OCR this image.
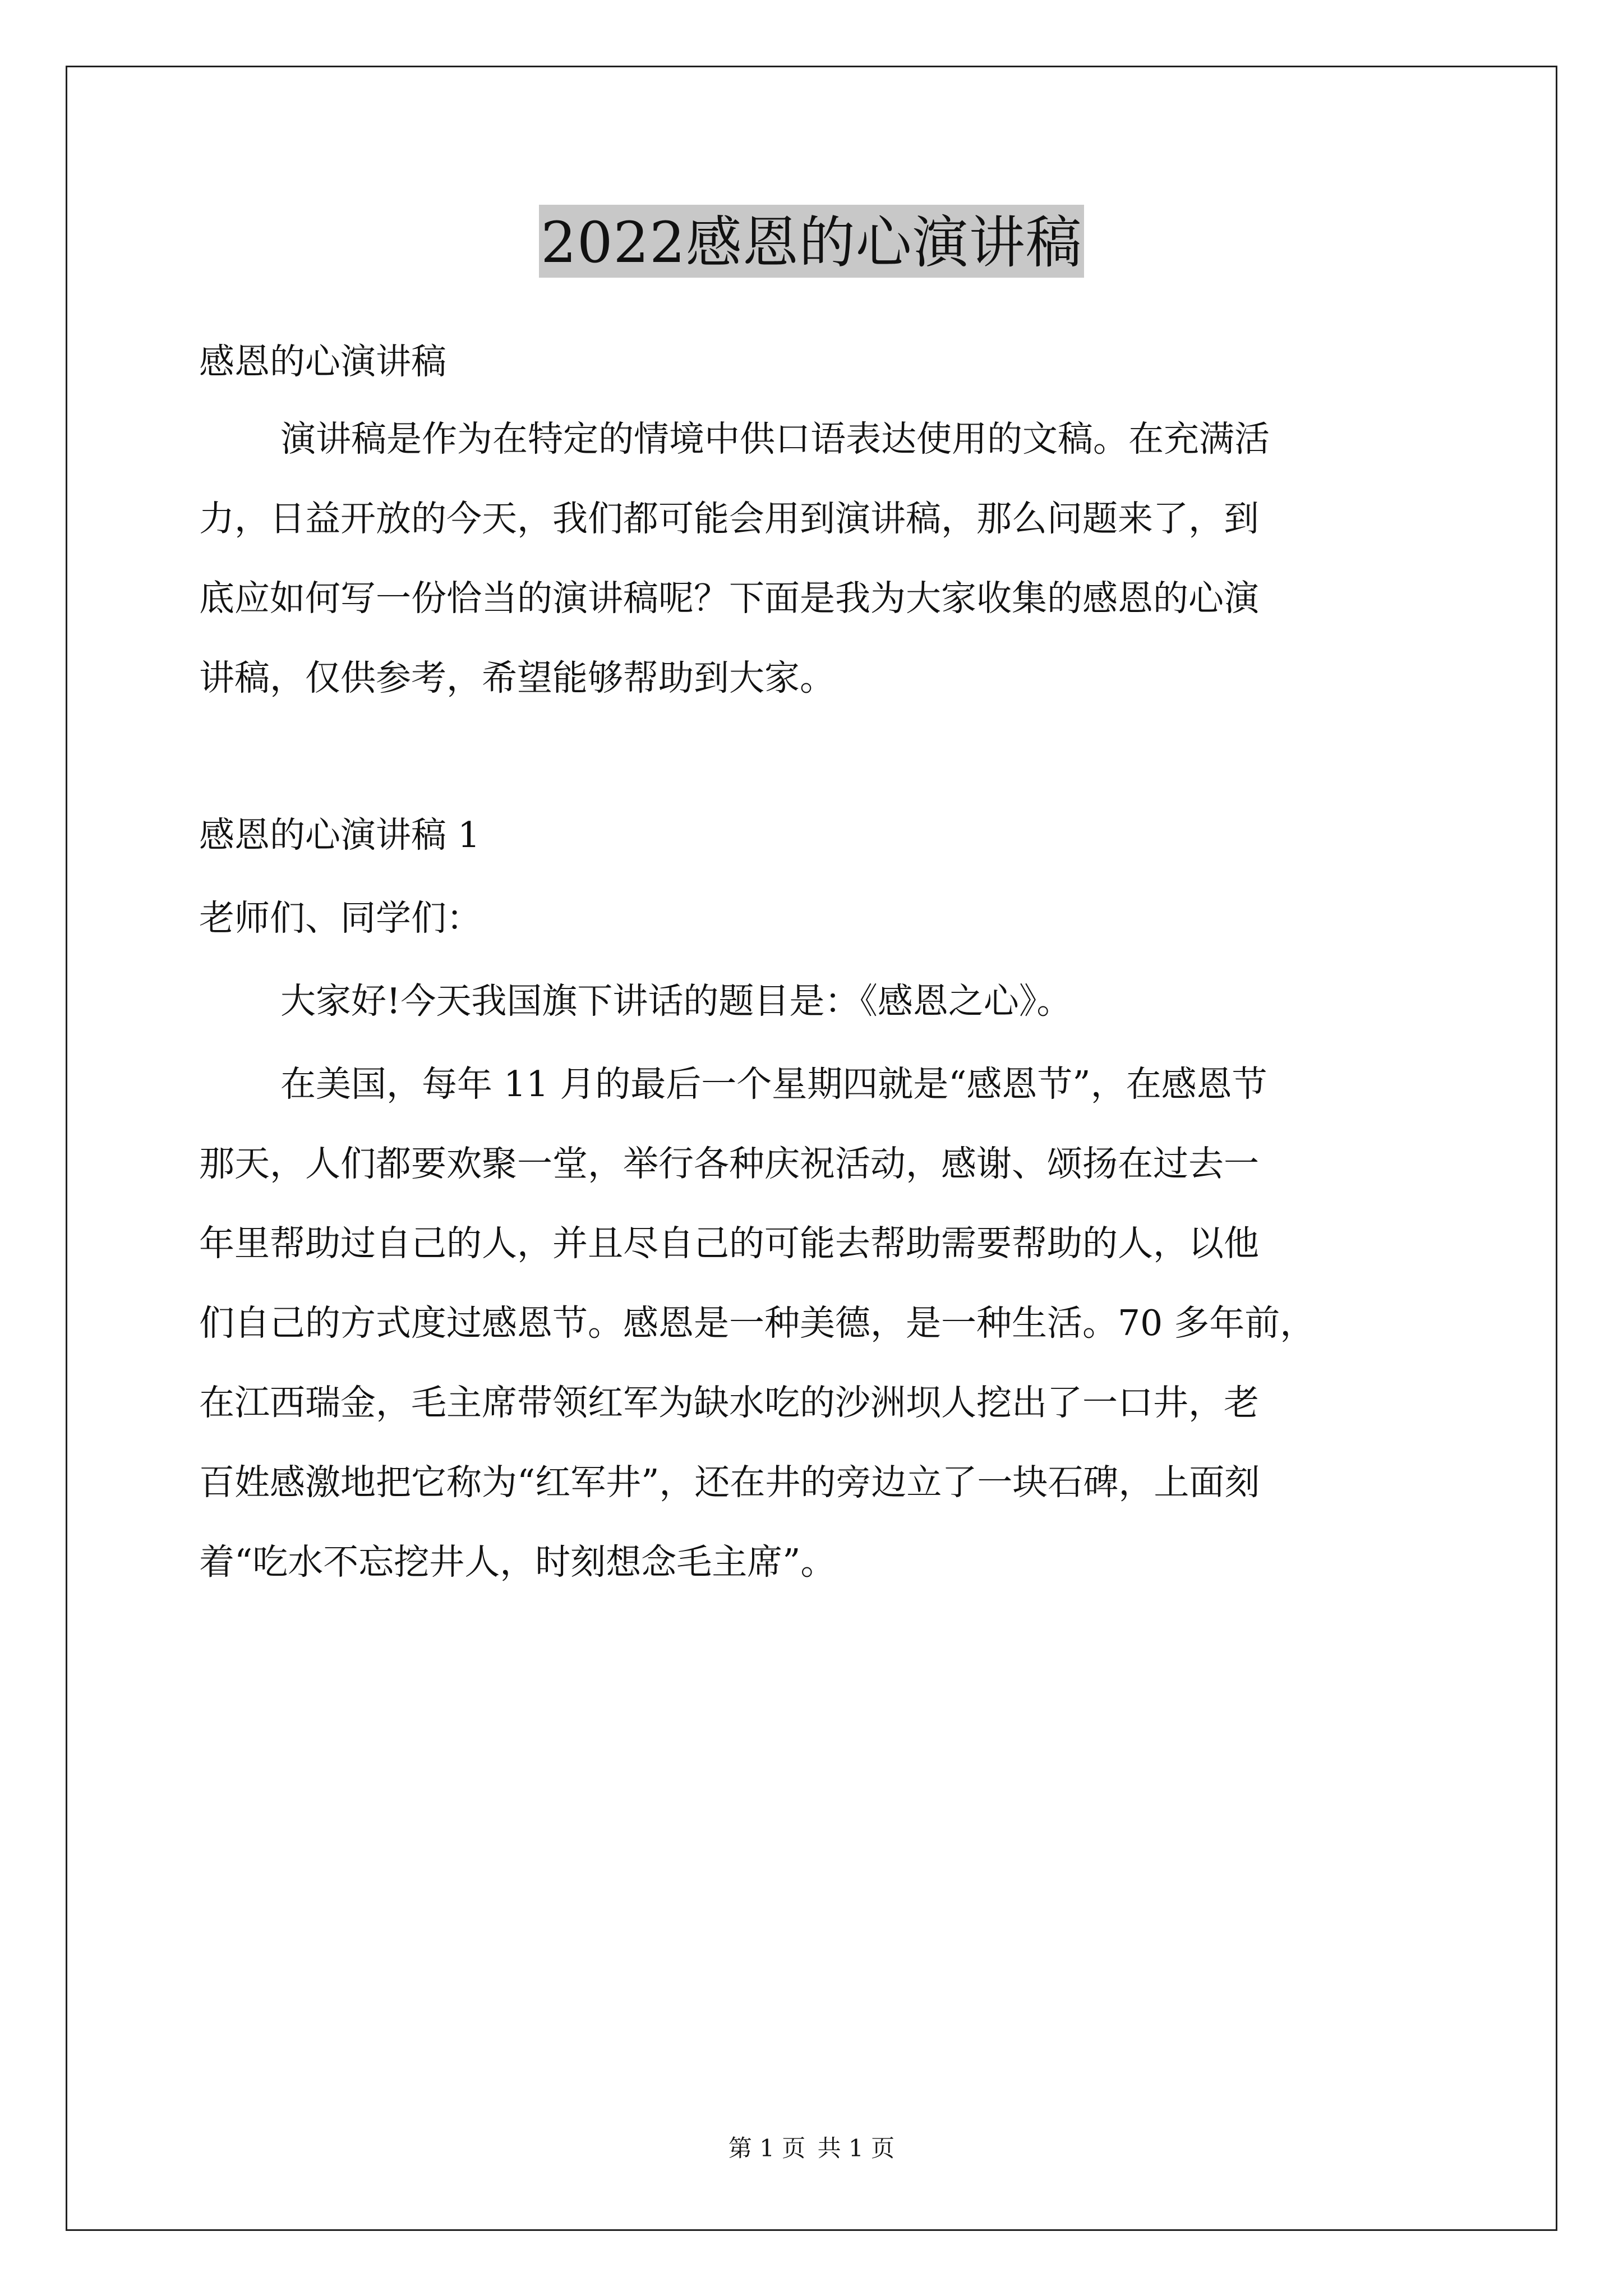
2022感恩的心演讲稿

感恩的心演讲稿

演讲稿是作为在特定的情境中供口语表达使用的文稿。在充满活
力，日益开放的今天，我们都可能会用到演讲稿，那么问题来了，到
底应如何写一份恰当的演讲稿呢？下面是我为大家收集的感恩的心演
讲稿，仅供参考，希望能够帮助到大家。

感恩的心演讲稿 1

老师们、同学们：

大家好!今天我国旗下讲话的题目是：《感恩之心》。

在美国，每年 11 月的最后一个星期四就是“感恩节”，在感恩节
那天，人们都要欢聚一堂，举行各种庆祝活动，感谢、颂扬在过去一
年里帮助过自己的人，并且尽自己的可能去帮助需要帮助的人，以他
们自己的方式度过感恩节。感恩是一种美德，是一种生活。70 多年前，
在江西瑞金，毛主席带领红军为缺水吃的沙洲坝人挖出了一口井，老
百姓感激地把它称为“红军井”，还在井的旁边立了一块石碑，上面刻
着“吃水不忘挖井人，时刻想念毛主席”。
第 1 页 共 1 页
